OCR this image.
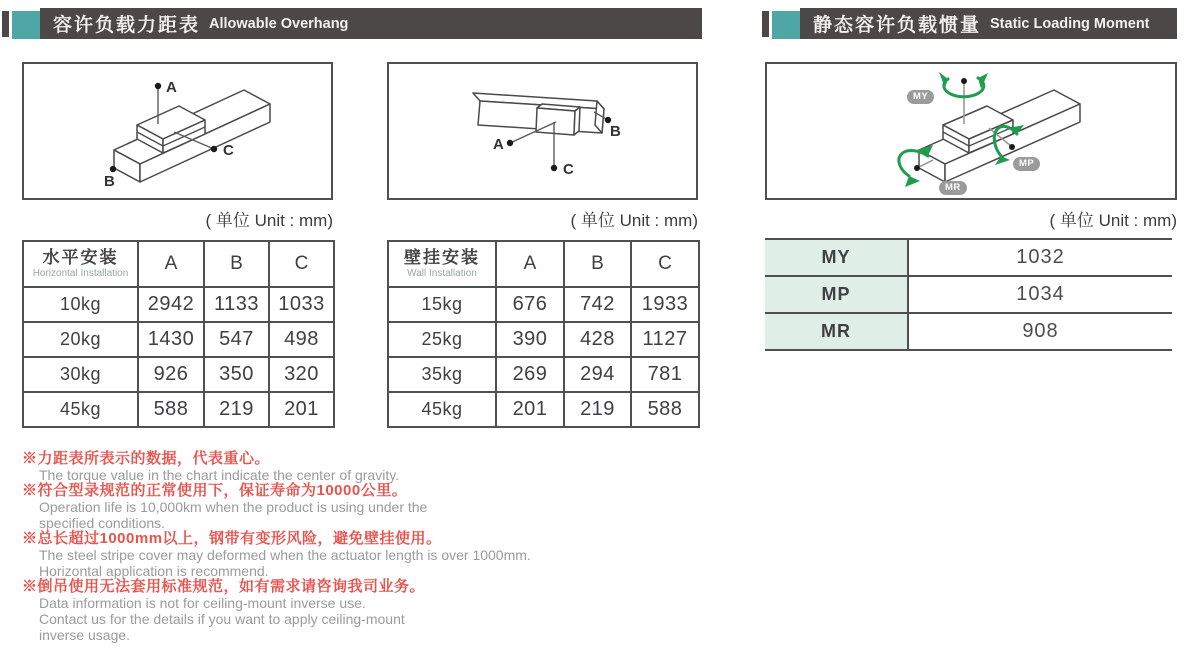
容许负载力距表 Allowable Overhang	静态容许负载惯量 Static Loading Moment
A
C
B
( 单位 Unit : mm)
A
C
B
( 单位 Unit : mm)
MY
MP
MR
( 单位 Unit : mm)
水平安装
Horizontal Installation	A	B	C
10kg	2942	1133	1033
20kg	1430	547	498
30kg	926	350	320
45kg	588	219	201
壁挂安装
Wall Installation	A	B	C
15kg	676	742	1933
25kg	390	428	1127
35kg	269	294	781
45kg	201	219	588
MY	1032
MP	1034
MR	908
※力距表所表示的数据，代表重心。
The torque value in the chart indicate the center of gravity.
※符合型录规范的正常使用下，保证寿命为10000公里。
Operation life is 10,000km when the product is using under the
specified conditions.
※总长超过1000mm以上，钢带有变形风险，避免壁挂使用。
The steel stripe cover may deformed when the actuator length is over 1000mm.
Horizontal application is recommend.
※倒吊使用无法套用标准规范，如有需求请咨询我司业务。
Data information is not for ceiling-mount inverse use.
Contact us for the details if you want to apply ceiling-mount
inverse usage.
